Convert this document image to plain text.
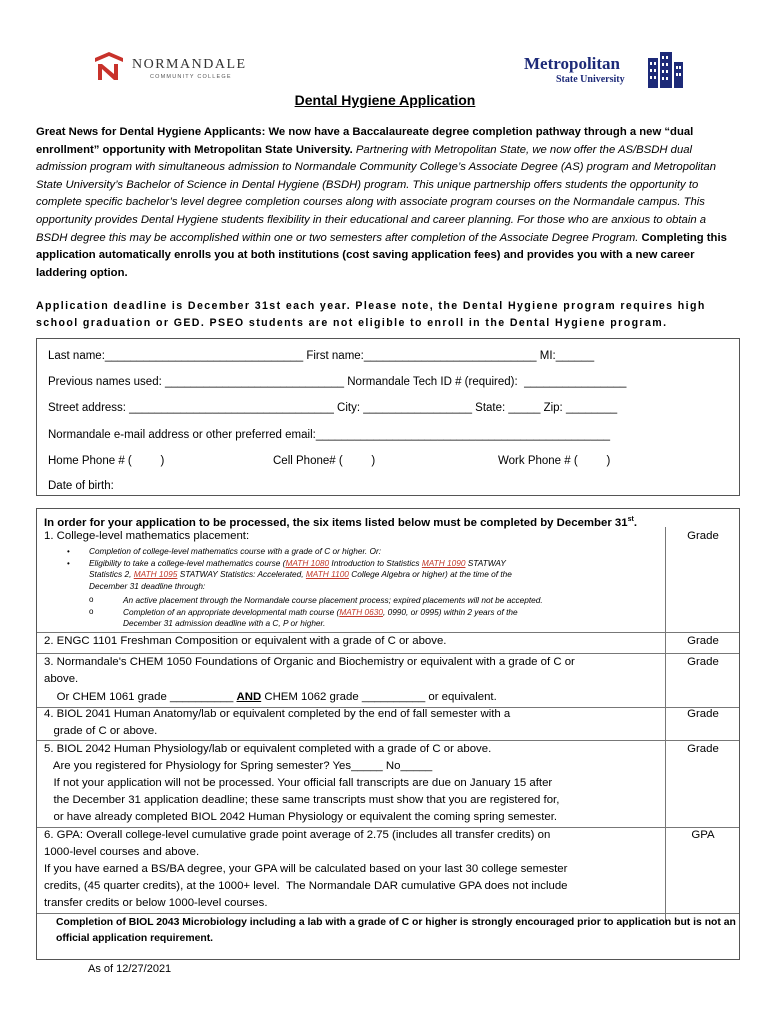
NORMANDALE
COMMUNITY COLLEGE
Metropolitan
State University
Dental Hygiene Application
Great News for Dental Hygiene Applicants: We now have a Baccalaureate degree completion pathway through a new “dual enrollment” opportunity with Metropolitan State University. Partnering with Metropolitan State, we now offer the AS/BSDH dual admission program with simultaneous admission to Normandale Community College’s Associate Degree (AS) program and Metropolitan State University’s Bachelor of Science in Dental Hygiene (BSDH) program. This unique partnership offers students the opportunity to complete specific bachelor’s level degree completion courses along with associate program courses on the Normandale campus. This opportunity provides Dental Hygiene students flexibility in their educational and career planning. For those who are anxious to obtain a BSDH degree this may be accomplished within one or two semesters after completion of the Associate Degree Program. Completing this application automatically enrolls you at both institutions (cost saving application fees) and provides you with a new career laddering option.
Application deadline is December 31st each year. Please note, the Dental Hygiene program requires high school graduation or GED. PSEO students are not eligible to enroll in the Dental Hygiene program.
Last name:_______________________________ First name:___________________________ MI:______
Previous names used: ____________________________ Normandale Tech ID # (required):  ________________
Street address: ________________________________ City: _________________ State: _____ Zip: ________
Normandale e-mail address or other preferred email:______________________________________________
Home Phone # (         )	Cell Phone# (         )	Work Phone # (         )
Date of birth:
In order for your application to be processed, the six items listed below must be completed by December 31st.
1. College-level mathematics placement:	Grade
• Completion of college-level mathematics course with a grade of C or higher. Or:
• Eligibility to take a college-level mathematics course (MATH 1080 Introduction to Statistics MATH 1090 STATWAY
Statistics 2, MATH 1095 STATWAY Statistics: Accelerated, MATH 1100 College Algebra or higher) at the time of the
December 31 deadline through:
o	An active placement through the Normandale course placement process; expired placements will not be accepted.
o	Completion of an appropriate developmental math course (MATH 0630, 0990, or 0995) within 2 years of the
December 31 admission deadline with a C, P or higher.
2. ENGC 1101 Freshman Composition or equivalent with a grade of C or above.	Grade
3. Normandale's CHEM 1050 Foundations of Organic and Biochemistry or equivalent with a grade of C or
above.
Or CHEM 1061 grade __________ AND CHEM 1062 grade __________ or equivalent.
Grade
4. BIOL 2041 Human Anatomy/lab or equivalent completed by the end of fall semester with a
grade of C or above.
Grade
5. BIOL 2042 Human Physiology/lab or equivalent completed with a grade of C or above.
Are you registered for Physiology for Spring semester? Yes_____ No_____
If not your application will not be processed. Your official fall transcripts are due on January 15 after
the December 31 application deadline; these same transcripts must show that you are registered for,
or have already completed BIOL 2042 Human Physiology or equivalent the coming spring semester.
Grade
6. GPA: Overall college-level cumulative grade point average of 2.75 (includes all transfer credits) on
1000-level courses and above.
If you have earned a BS/BA degree, your GPA will be calculated based on your last 30 college semester
credits, (45 quarter credits), at the 1000+ level.  The Normandale DAR cumulative GPA does not include
transfer credits or below 1000-level courses.
GPA
Completion of BIOL 2043 Microbiology including a lab with a grade of C or higher is strongly encouraged prior to application but is not an official application requirement.
As of 12/27/2021
